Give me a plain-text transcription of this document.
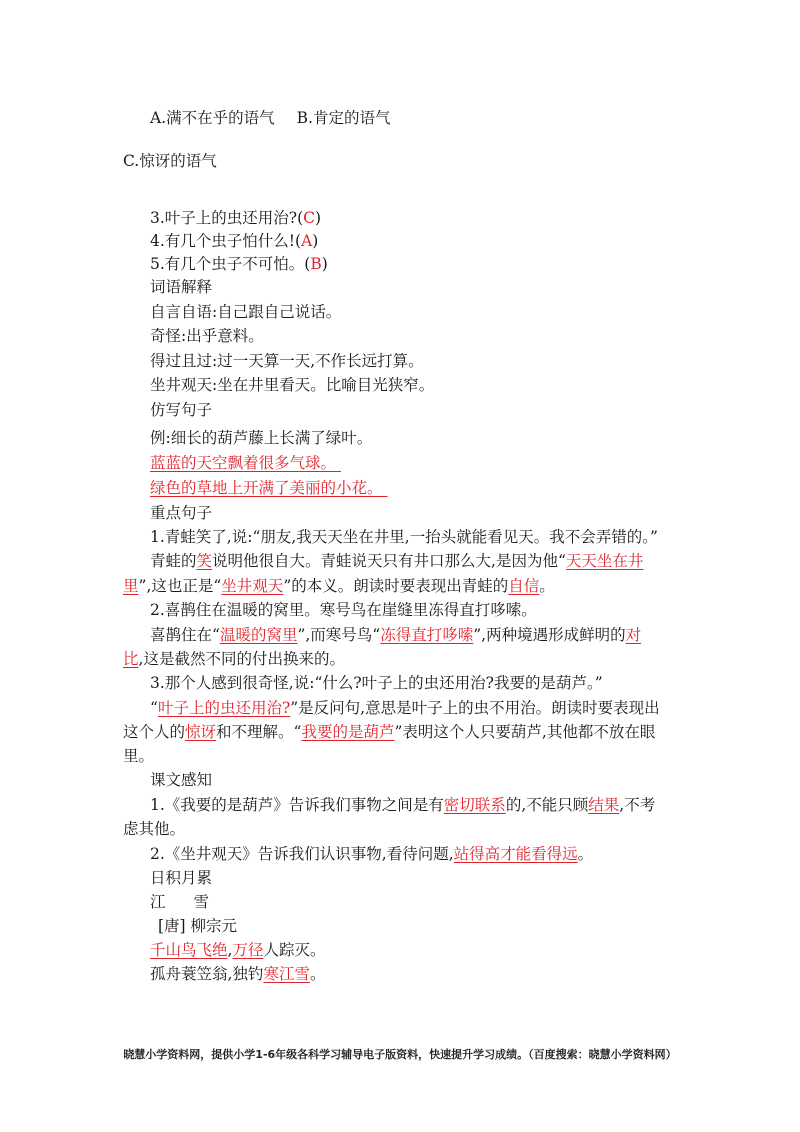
A.满不在乎的语气 B.肯定的语气
C.惊讶的语气
3.叶子上的虫还用治?(C)
4.有几个虫子怕什么!(A)
5.有几个虫子不可怕。(B)
词语解释
自言自语:自己跟自己说话。
奇怪:出乎意料。
得过且过:过一天算一天,不作长远打算。
坐井观天:坐在井里看天。比喻目光狭窄。
仿写句子
例:细长的葫芦藤上长满了绿叶。
蓝蓝的天空飘着很多气球。
绿色的草地上开满了美丽的小花。
重点句子
1.青蛙笑了,说:“朋友,我天天坐在井里,一抬头就能看见天。我不会弄错的。”
青蛙的笑说明他很自大。青蛙说天只有井口那么大,是因为他“天天坐在井
里”,这也正是“坐井观天”的本义。朗读时要表现出青蛙的自信。
2.喜鹊住在温暖的窝里。寒号鸟在崖缝里冻得直打哆嗦。
喜鹊住在“温暖的窝里”,而寒号鸟“冻得直打哆嗦”,两种境遇形成鲜明的对
比,这是截然不同的付出换来的。
3.那个人感到很奇怪,说:“什么?叶子上的虫还用治?我要的是葫芦。”
“叶子上的虫还用治?”是反问句,意思是叶子上的虫不用治。朗读时要表现出
这个人的惊讶和不理解。“我要的是葫芦”表明这个人只要葫芦,其他都不放在眼
里。
课文感知
1.《我要的是葫芦》告诉我们事物之间是有密切联系的,不能只顾结果,不考
虑其他。
2.《坐井观天》告诉我们认识事物,看待问题,站得高才能看得远。
日积月累
江 雪
[唐] 柳宗元
千山鸟飞绝,万径人踪灭。
孤舟蓑笠翁,独钓寒江雪。
晓慧小学资料网，提供小学1-6年级各科学习辅导电子版资料，快速提升学习成绩。（百度搜索：晓慧小学资料网）
